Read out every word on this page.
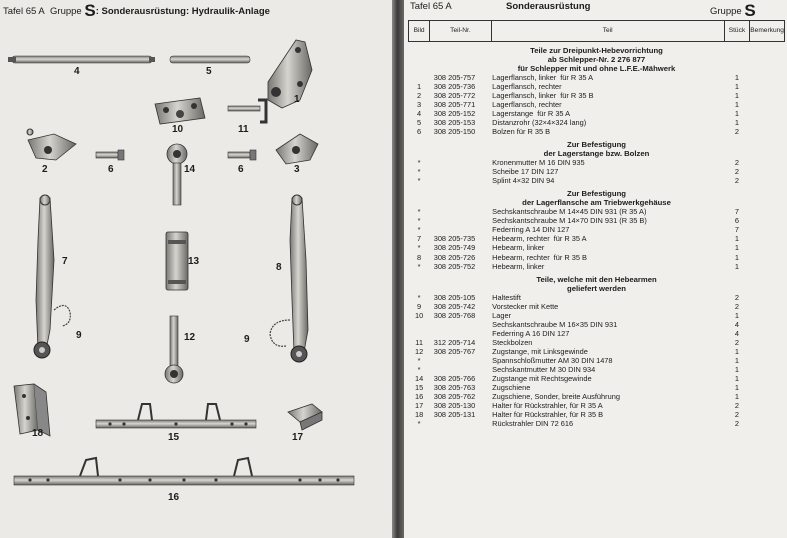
Tafel 65 A Gruppe S: Sonderausrüstung: Hydraulik-Anlage
4	5
1
10	11
2	6	14	6	3
7	13
8
9	12	9
18	15	17
16
Tafel 65 A	Sonderausrüstung	Gruppe S
Bild	Teil-Nr.	Teil	Stück	Bemerkung

Teile zur Dreipunkt-Hebevorrichtung				
ab Schlepper-Nr. 2 276 877				
für Schlepper mit und ohne L.F.E.-Mähwerk				
	308 205-757	Lagerflansch, linker für R 35 A	1	
1	308 205-736	Lagerflansch, rechter	1	
2	308 205-772	Lagerflansch, linker für R 35 B	1	
3	308 205-771	Lagerflansch, rechter	1	
4	308 205-152	Lagerstange für R 35 A	1	
5	308 205-153	Distanzrohr (32×4×324 lang)	1	
6	308 205-150	Bolzen für R 35 B	2	

Zur Befestigung				
der Lagerstange bzw. Bolzen				
*		Kronenmutter M 16 DIN 935	2	
*		Scheibe 17 DIN 127	2	
*		Splint 4×32 DIN 94	2	

Zur Befestigung				
der Lagerflansche am Triebwerkgehäuse				
*		Sechskantschraube M 14×45 DIN 931 (R 35 A)	7	
*		Sechskantschraube M 14×70 DIN 931 (R 35 B)	6	
*		Federring A 14 DIN 127	7	
7	308 205-735	Hebearm, rechter für R 35 A	1	
*	308 205-749	Hebearm, linker	1	
8	308 205-726	Hebearm, rechter für R 35 B	1	
*	308 205-752	Hebearm, linker	1	

Teile, welche mit den Hebearmen				
geliefert werden				
*	308 205-105	Haltestift	2	
9	308 205-742	Vorstecker mit Kette	2	
10	308 205-768	Lager	1	
		Sechskantschraube M 16×35 DIN 931	4	
		Federring A 16 DIN 127	4	
11	312 205-714	Steckbolzen	2	
12	308 205-767	Zugstange, mit Linksgewinde	1	
*		Spannschloßmutter AM 30 DIN 1478	1	
*		Sechskantmutter M 30 DIN 934	1	
14	308 205-766	Zugstange mit Rechtsgewinde	1	
15	308 205-763	Zugschiene	1	
16	308 205-762	Zugschiene, Sonder, breite Ausführung	1	
17	308 205-130	Halter für Rückstrahler, für R 35 A	2	
18	308 205-131	Halter für Rückstrahler, für R 35 B	2	
*		Rückstrahler DIN 72 616	2	
